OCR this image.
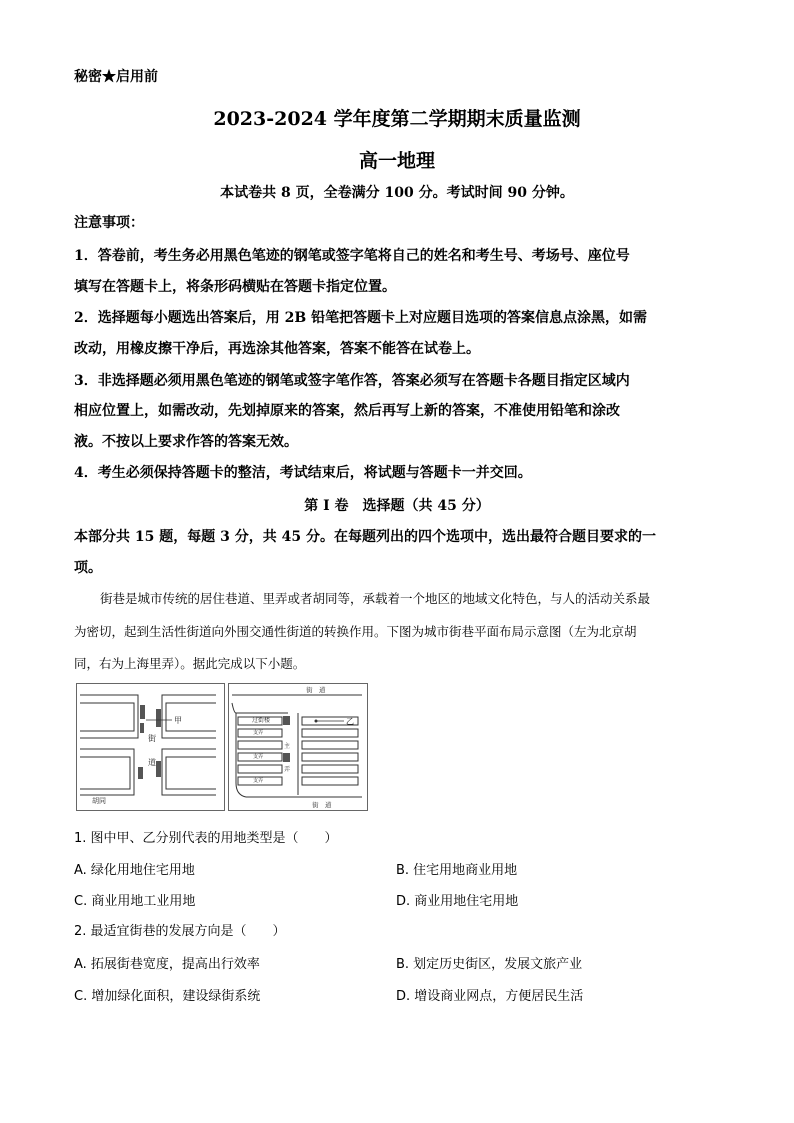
秘密★启用前
2023-2024 学年度第二学期期末质量监测
高一地理
本试卷共 8 页，全卷满分 100 分。考试时间 90 分钟。
注意事项：
1．答卷前，考生务必用黑色笔迹的钢笔或签字笔将自己的姓名和考生号、考场号、座位号
填写在答题卡上，将条形码横贴在答题卡指定位置。
2．选择题每小题选出答案后，用 2B 铅笔把答题卡上对应题目选项的答案信息点涂黑，如需
改动，用橡皮擦干净后，再选涂其他答案，答案不能答在试卷上。
3．非选择题必须用黑色笔迹的钢笔或签字笔作答，答案必须写在答题卡各题目指定区域内
相应位置上，如需改动，先划掉原来的答案，然后再写上新的答案，不准使用铅笔和涂改
液。不按以上要求作答的答案无效。
4．考生必须保持答题卡的整洁，考试结束后，将试题与答题卡一并交回。
第 I 卷　选择题（共 45 分）
本部分共 15 题，每题 3 分，共 45 分。在每题列出的四个选项中，选出最符合题目要求的一
项。
街巷是城市传统的居住巷道、里弄或者胡同等，承载着一个地区的地域文化特色，与人的活动关系最
为密切，起到生活性街道向外围交通性街道的转换作用。下图为城市街巷平面布局示意图（左为北京胡
同，右为上海里弄）。据此完成以下小题。
甲
街
道
胡同
街　道
街　道
过街楼	乙
主
弄
支弄
支弄
支弄
1. 图中甲、乙分别代表的用地类型是（　　）
A. 绿化用地住宅用地	B. 住宅用地商业用地
C. 商业用地工业用地	D. 商业用地住宅用地
2. 最适宜街巷的发展方向是（　　）
A. 拓展街巷宽度，提高出行效率	B. 划定历史街区，发展文旅产业
C. 增加绿化面积，建设绿街系统	D. 增设商业网点，方便居民生活
